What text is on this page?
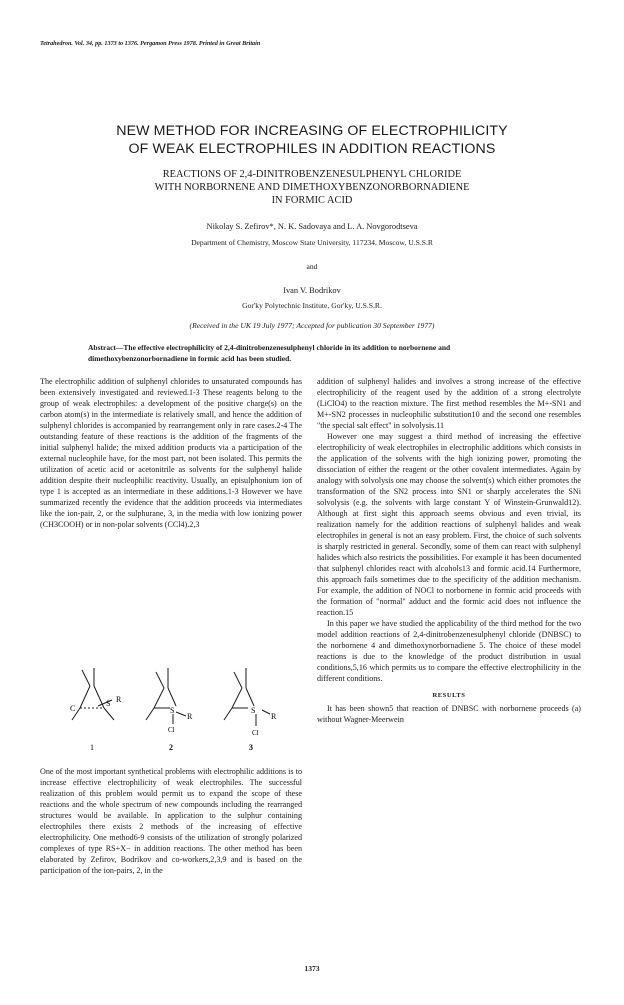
Tetrahedron. Vol. 34, pp. 1373 to 1376. Pergamon Press 1978. Printed in Great Britain
NEW METHOD FOR INCREASING OF ELECTROPHILICITY
OF WEAK ELECTROPHILES IN ADDITION REACTIONS
REACTIONS OF 2,4-DINITROBENZENESULPHENYL CHLORIDE
WITH NORBORNENE AND DIMETHOXYBENZONORBORNADIENE
IN FORMIC ACID
Nikolay S. Zefirov*, N. K. Sadovaya and L. A. Novgorodtseva
Department of Chemistry, Moscow State University, 117234, Moscow, U.S.S.R
and
Ivan V. Bodrikov
Gor'ky Polytechnic Institute, Gor'ky, U.S.S.R.
(Received in the UK 19 July 1977; Accepted for publication 30 September 1977)
Abstract—The effective electrophilicity of 2,4-dinitrobenzenesulphenyl chloride in its addition to norbornene and dimethoxybenzonorbornadiene in formic acid has been studied.

The electrophilic addition of sulphenyl chlorides to unsaturated compounds has been extensively investigated and reviewed.1-3 These reagents belong to the group of weak electrophiles: a development of the positive charge(s) on the carbon atom(s) in the intermediate is relatively small, and hence the addition of sulphenyl chlorides is accompanied by rearrangement only in rare cases.2-4 The outstanding feature of these reactions is the addition of the fragments of the initial sulphenyl halide; the mixed addition products via a participation of the external nucleophile have, for the most part, not been isolated. This permits the utilization of acetic acid or acetonitrile as solvents for the sulphenyl halide addition despite their nucleophilic reactivity. Usually, an episulphonium ion of type 1 is accepted as an intermediate in these additions.1-3 However we have summarized recently the evidence that the addition proceeds via intermediates like the ion-pair, 2, or the sulphurane, 3, in the media with low ionizing power (CH3COOH) or in non-polar solvents (CCl4).2,3

C
S R
S
R
Cl
S
R
Cl
1	2	3

One of the most important synthetical problems with electrophilic additions is to increase effective electrophilicity of weak electrophiles. The successful realization of this problem would permit us to expand the scope of these reactions and the whole spectrum of new compounds including the rearranged structures would be available. In application to the sulphur containing electrophiles there exists 2 methods of the increasing of effective electrophilicity. One method6-9 consists of the utilization of strongly polarized complexes of type RS+X− in addition reactions. The other method has been elaborated by Zefirov, Bodrikov and co-workers,2,3,9 and is based on the participation of the ion-pairs, 2, in the

addition of sulphenyl halides and involves a strong increase of the effective electrophilicity of the reagent used by the addition of a strong electrolyte (LiClO4) to the reaction mixture. The first method resembles the M+-SN1 and M+-SN2 processes in nucleophilic substitution10 and the second one resembles "the special salt effect" in solvolysis.11

However one may suggest a third method of increasing the effective electrophilicity of weak electrophiles in electrophilic additions which consists in the application of the solvents with the high ionizing power, promoting the dissociation of either the reagent or the other covalent intermediates. Again by analogy with solvolysis one may choose the solvent(s) which either promotes the transformation of the SN2 process into SN1 or sharply accelerates the SNi solvolysis (e.g. the solvents with large constant Y of Winstein-Grunwald12). Although at first sight this approach seems obvious and even trivial, its realization namely for the addition reactions of sulphenyl halides and weak electrophiles in general is not an easy problem. First, the choice of such solvents is sharply restricted in general. Secondly, some of them can react with sulphenyl halides which also restricts the possibilities. For example it has been documented that sulphenyl chlorides react with alcohols13 and formic acid.14 Furthermore, this approach fails sometimes due to the specificity of the addition mechanism. For example, the addition of NOCl to norbornene in formic acid proceeds with the formation of "normal" adduct and the formic acid does not influence the reaction.15

In this paper we have studied the applicability of the third method for the two model addition reactions of 2,4-dinitrobenzenesulphenyl chloride (DNBSC) to the norbornene 4 and dimethoxynorbornadiene 5. The choice of these model reactions is due to the knowledge of the product distribution in usual conditions,5,16 which permits us to compare the effective electrophilicity in the different conditions.

RESULTS

It has been shown5 that reaction of DNBSC with norbornene proceeds (a) without Wagner-Meerwein

1373
